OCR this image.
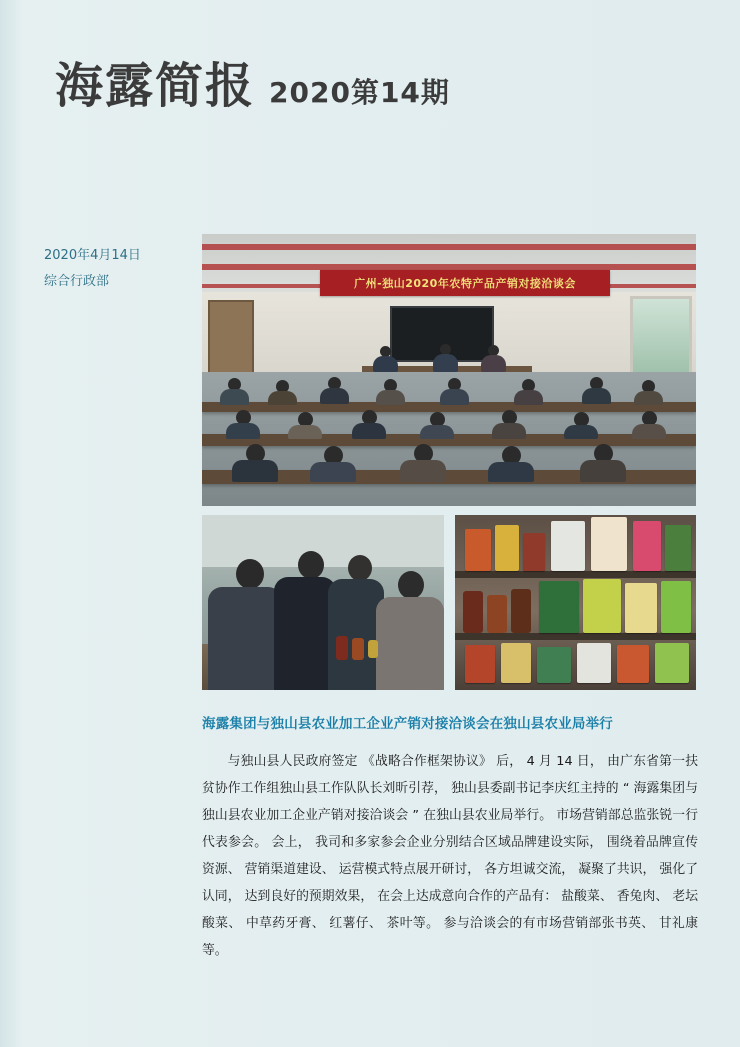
海露简报 2020第14期
2020年4月14日
综合行政部	广州-独山2020年农特产品产销对接洽谈会
海露集团与独山县农业加工企业产销对接洽谈会在独山县农业局举行
与独山县人民政府签定 《战略合作框架协议》 后， 4 月 14 日， 由广东省第一扶贫协作工作组独山县工作队队长刘昕引荐， 独山县委副书记李庆红主持的 “ 海露集团与独山县农业加工企业产销对接洽谈会 ” 在独山县农业局举行。 市场营销部总监张锐一行代表参会。 会上， 我司和多家参会企业分别结合区域品牌建设实际， 围绕着品牌宣传资源、 营销渠道建设、 运营模式特点展开研讨， 各方坦诚交流， 凝聚了共识， 强化了认同， 达到良好的预期效果， 在会上达成意向合作的产品有： 盐酸菜、 香兔肉、 老坛酸菜、 中草药牙膏、 红薯仔、 茶叶等。 参与洽谈会的有市场营销部张书英、 甘礼康等。
